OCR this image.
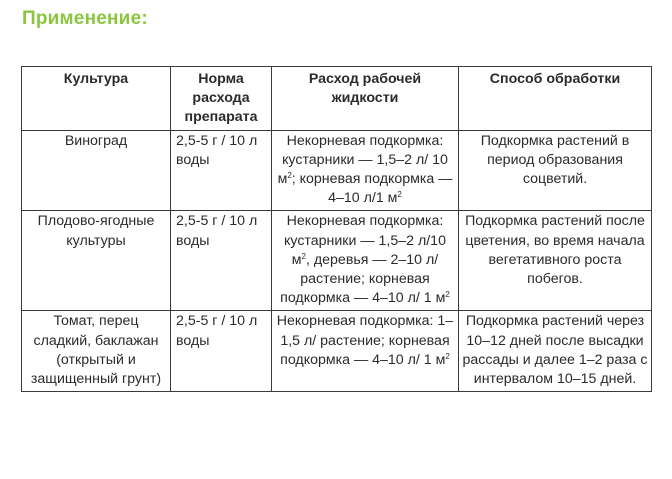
Применение:
Культура	Норма расхода препарата	Расход рабочей жидкости	Способ обработки
Виноград	2,5-5 г / 10 л воды	Некорневая подкормка: кустарники — 1,5–2 л/ 10 $м^2$; корневая подкормка — 4–10 л/1 $м^2$	Подкормка растений в период образования соцветий.
Плодово-ягодные культуры	2,5-5 г / 10 л воды	Некорневая подкормка: кустарники — 1,5–2 л/10 $м^2$, деревья — 2–10 л/растение; корневая подкормка — 4–10 л/ 1 $м^2$	Подкормка растений после цветения, во время начала вегетативного роста побегов.
Томат, перец сладкий, баклажан (открытый и защищенный грунт)	2,5-5 г / 10 л воды	Некорневая подкормка: 1–1,5 л/ растение; корневая подкормка — 4–10 л/ 1 $м^2$	Подкормка растений через 10–12 дней после высадки рассады и далее 1–2 раза с интервалом 10–15 дней.
